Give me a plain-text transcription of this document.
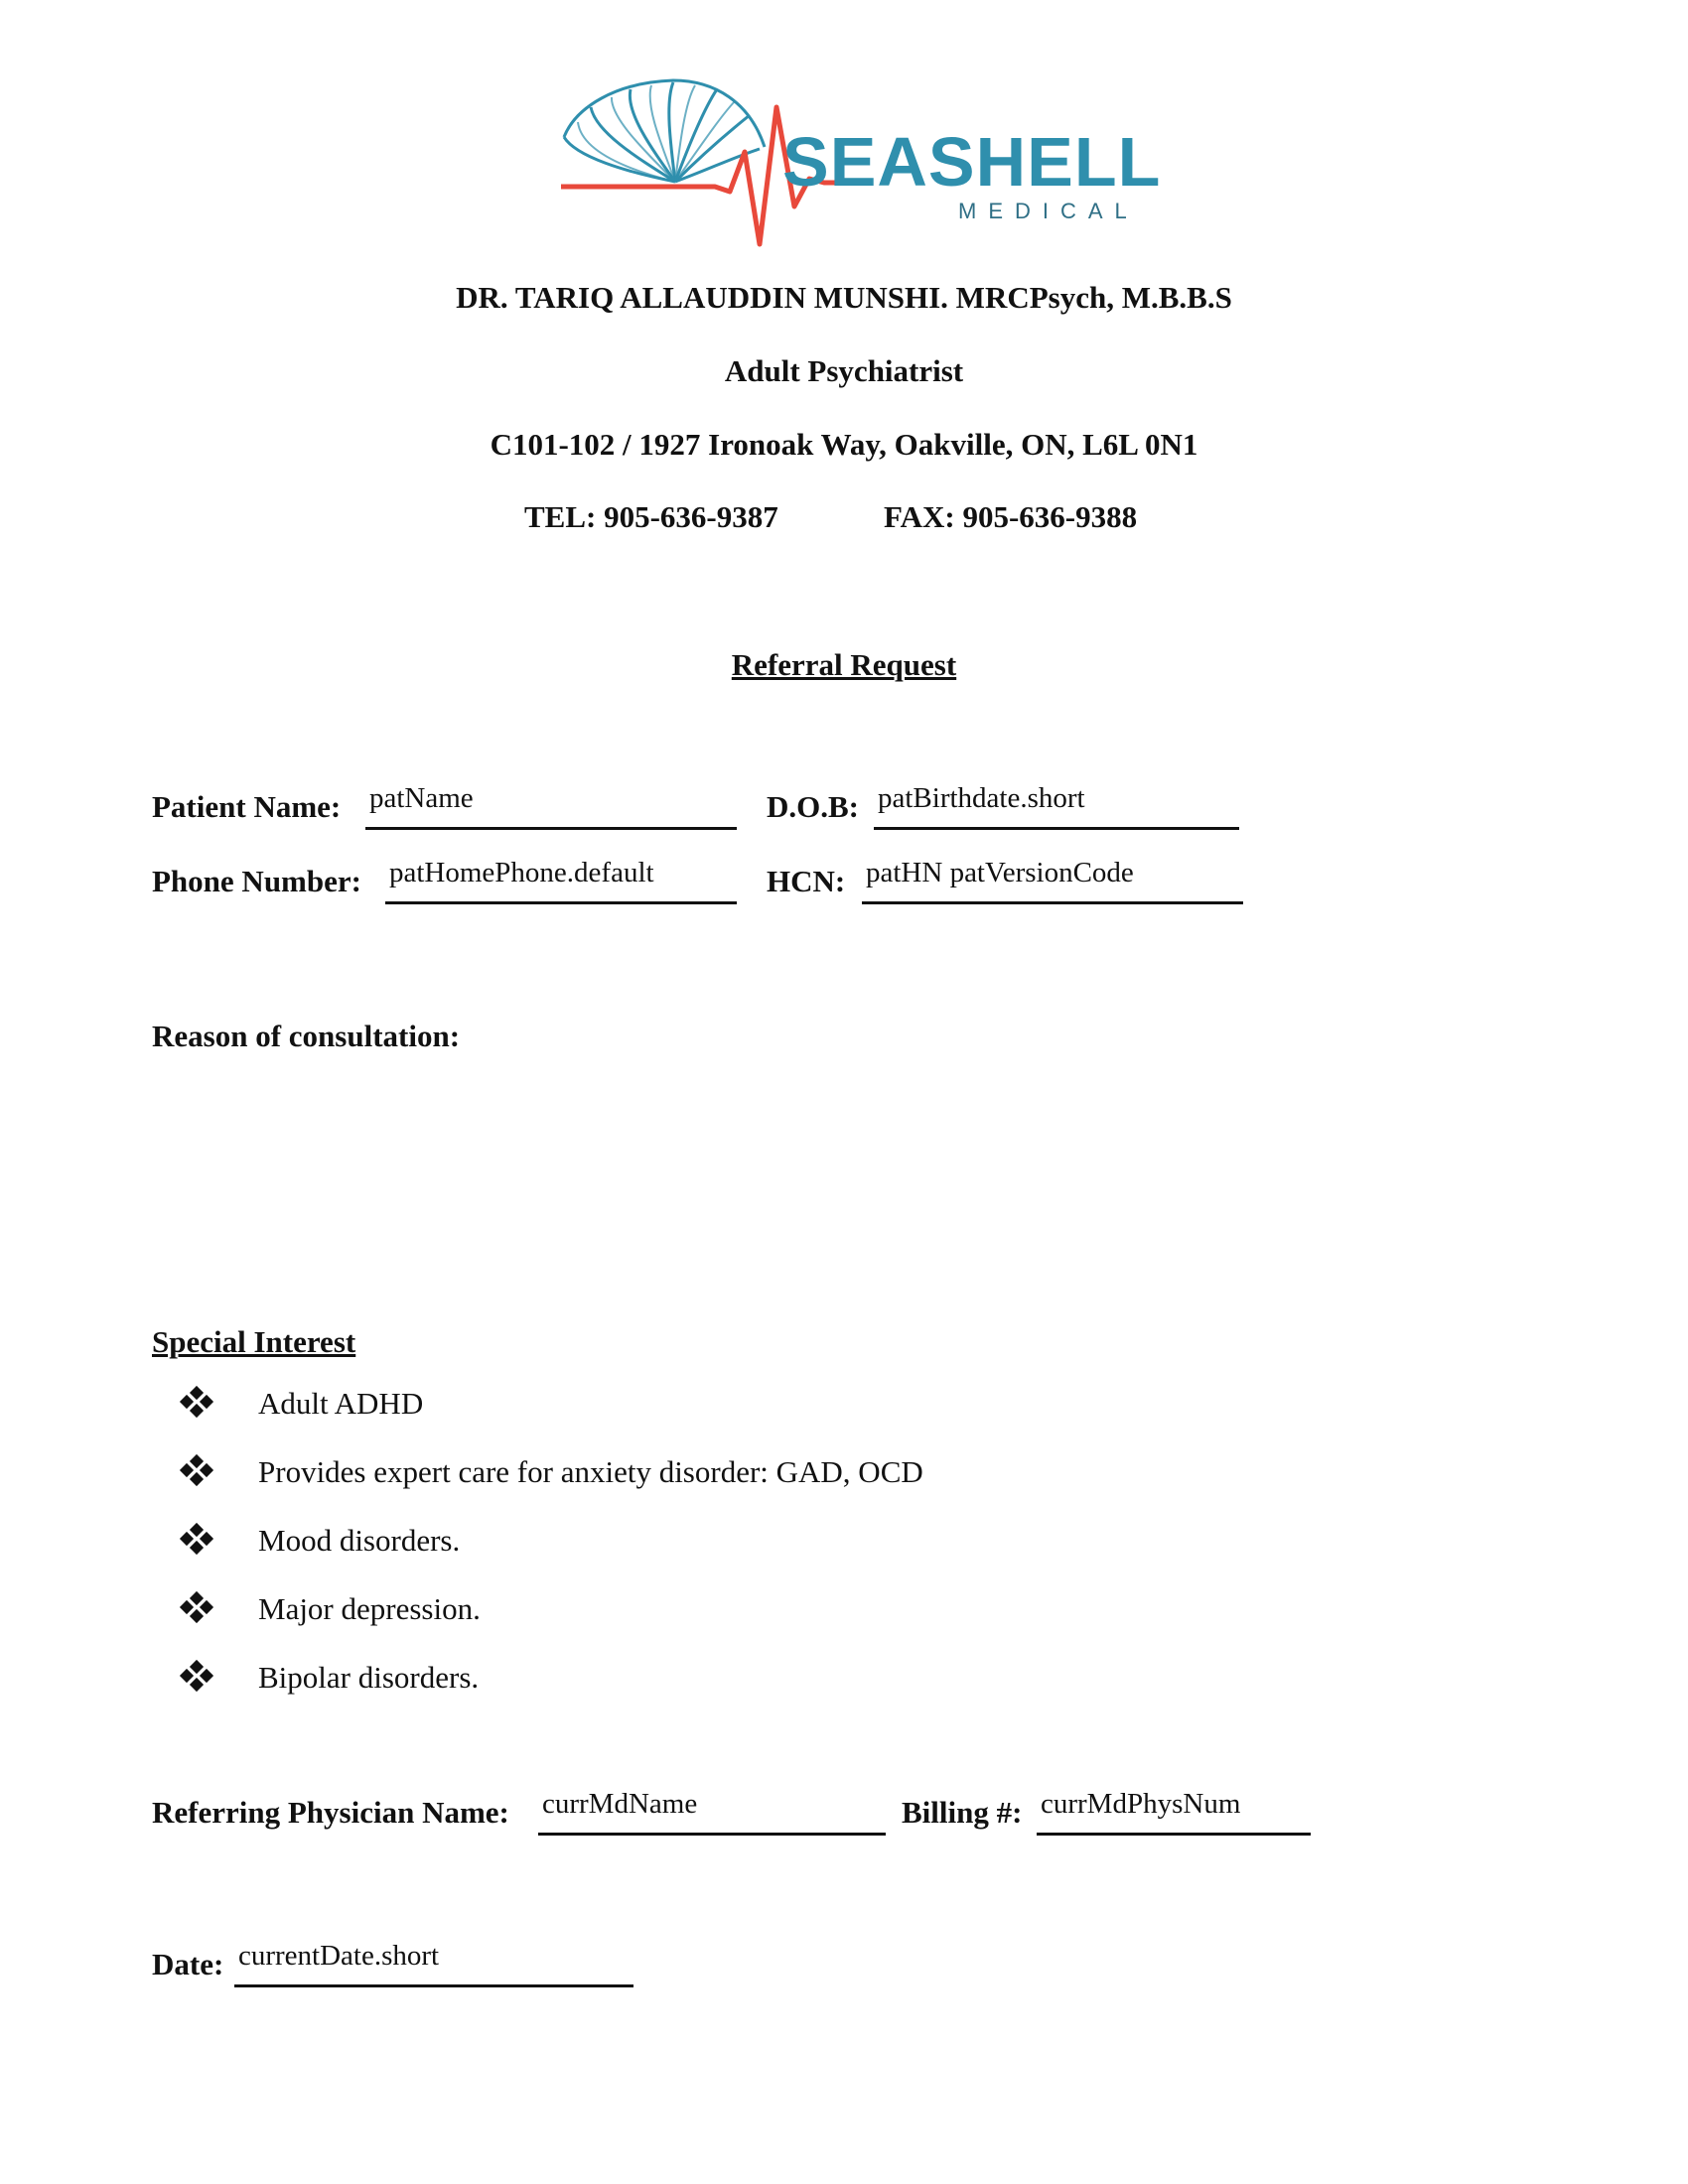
SEASHELL
MEDICAL
DR. TARIQ ALLAUDDIN MUNSHI. MRCPsych, M.B.B.S
Adult Psychiatrist
C101-102 / 1927 Ironoak Way, Oakville, ON, L6L 0N1
TEL: 905-636-9387	FAX: 905-636-9388
Referral Request
Patient Name: patName	D.O.B: patBirthdate.short
Phone Number: patHomePhone.default	HCN: patHN patVersionCode
Reason of consultation:
Special Interest
Adult ADHD
Provides expert care for anxiety disorder: GAD, OCD
Mood disorders.
Major depression.
Bipolar disorders.
Referring Physician Name: currMdName	Billing #: currMdPhysNum
Date: currentDate.short
